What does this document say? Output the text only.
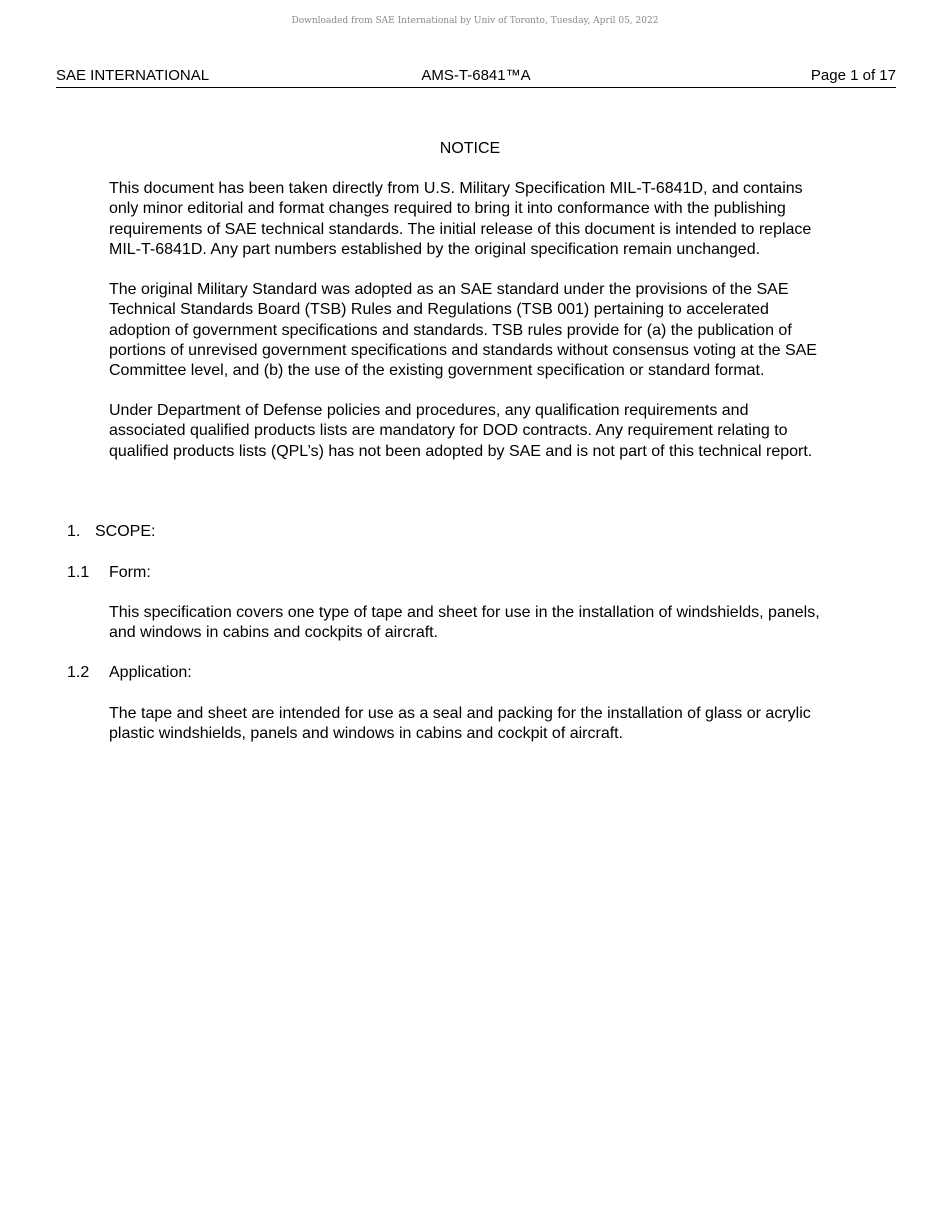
Downloaded from SAE International by Univ of Toronto, Tuesday, April 05, 2022
SAE INTERNATIONAL	AMS-T-6841™A	Page 1 of 17
NOTICE
This document has been taken directly from U.S. Military Specification MIL-T-6841D, and contains
only minor editorial and format changes required to bring it into conformance with the publishing
requirements of SAE technical standards. The initial release of this document is intended to replace
MIL-T-6841D. Any part numbers established by the original specification remain unchanged.
The original Military Standard was adopted as an SAE standard under the provisions of the SAE
Technical Standards Board (TSB) Rules and Regulations (TSB 001) pertaining to accelerated
adoption of government specifications and standards. TSB rules provide for (a) the publication of
portions of unrevised government specifications and standards without consensus voting at the SAE
Committee level, and (b) the use of the existing government specification or standard format.
Under Department of Defense policies and procedures, any qualification requirements and
associated qualified products lists are mandatory for DOD contracts. Any requirement relating to
qualified products lists (QPL’s) has not been adopted by SAE and is not part of this technical report.
1. SCOPE:
1.1 Form:
This specification covers one type of tape and sheet for use in the installation of windshields, panels,
and windows in cabins and cockpits of aircraft.
1.2 Application:
The tape and sheet are intended for use as a seal and packing for the installation of glass or acrylic
plastic windshields, panels and windows in cabins and cockpit of aircraft.
